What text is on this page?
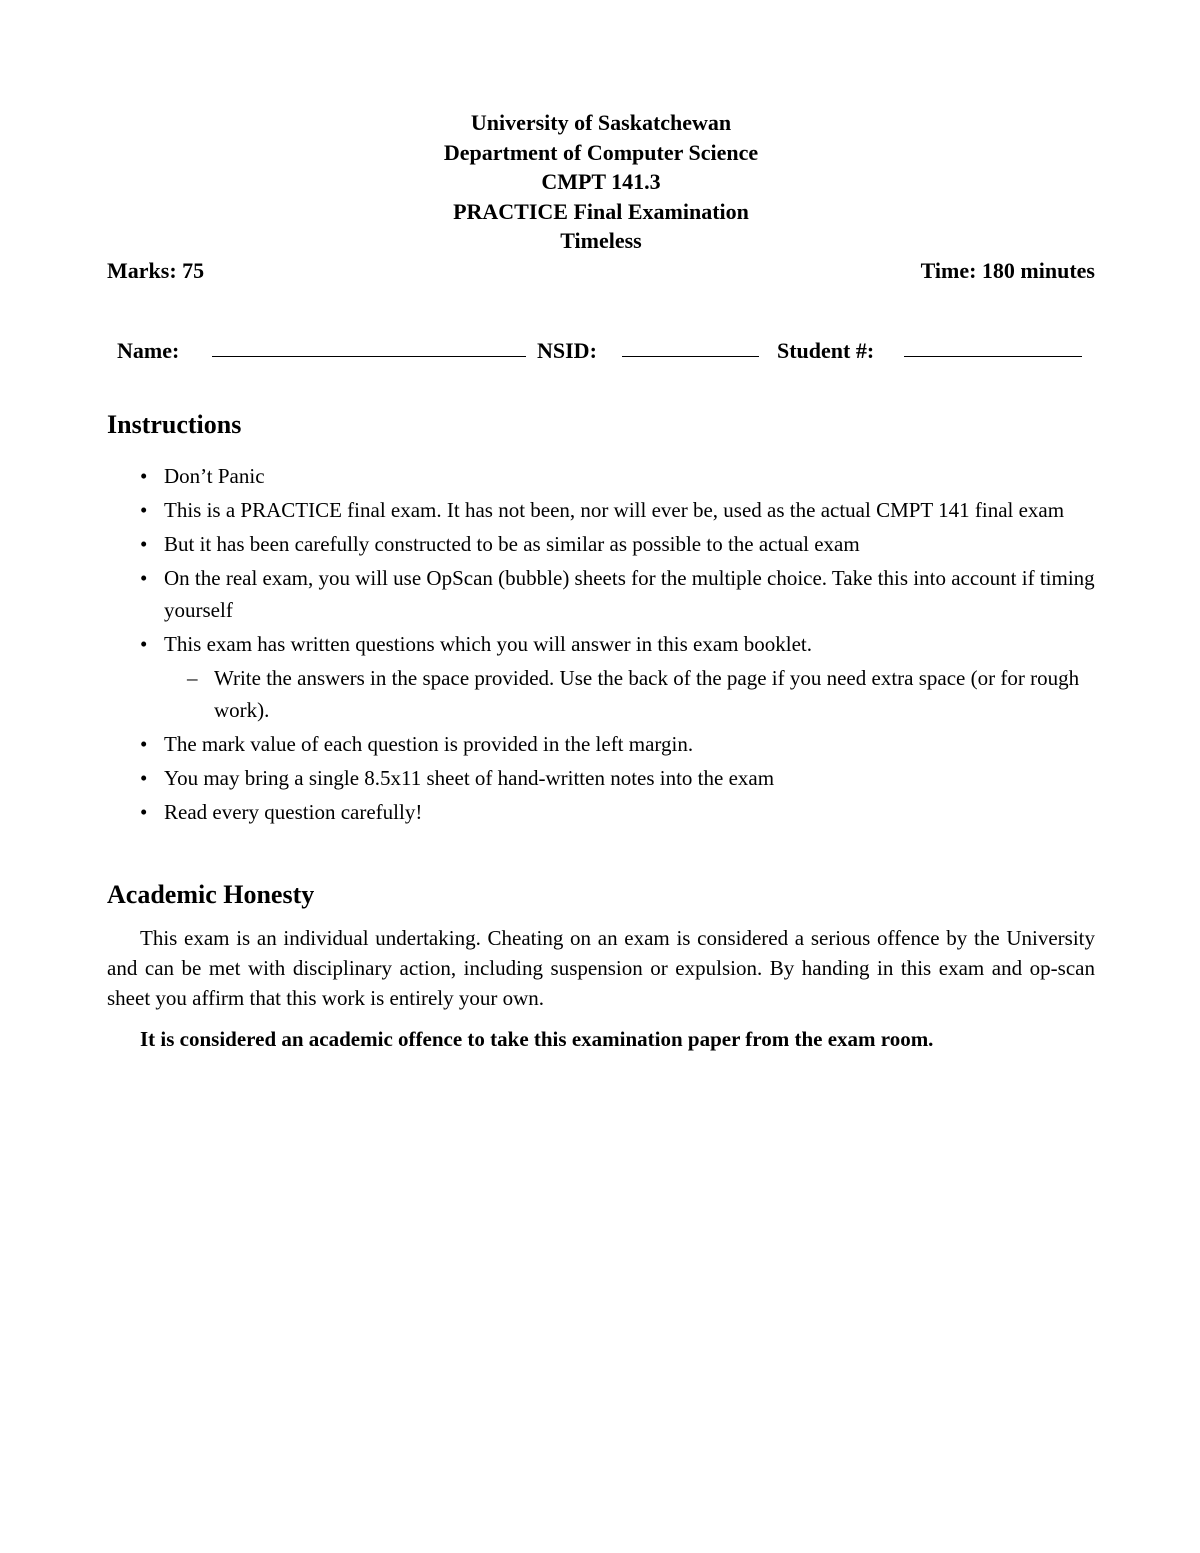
University of Saskatchewan
Department of Computer Science
CMPT 141.3
PRACTICE Final Examination
Timeless
Marks: 75	Time: 180 minutes
Name:	NSID:	Student #:
Instructions
• Don’t Panic
• This is a PRACTICE final exam. It has not been, nor will ever be, used as the actual CMPT 141 final exam
• But it has been carefully constructed to be as similar as possible to the actual exam
• On the real exam, you will use OpScan (bubble) sheets for the multiple choice. Take this into account if timing yourself
• This exam has written questions which you will answer in this exam booklet.
– Write the answers in the space provided. Use the back of the page if you need extra space (or for rough work).
• The mark value of each question is provided in the left margin.
• You may bring a single 8.5x11 sheet of hand-written notes into the exam
• Read every question carefully!
Academic Honesty
This exam is an individual undertaking. Cheating on an exam is considered a serious offence by the University and can be met with disciplinary action, including suspension or expulsion. By handing in this exam and op-scan sheet you affirm that this work is entirely your own.
It is considered an academic offence to take this examination paper from the exam room.
